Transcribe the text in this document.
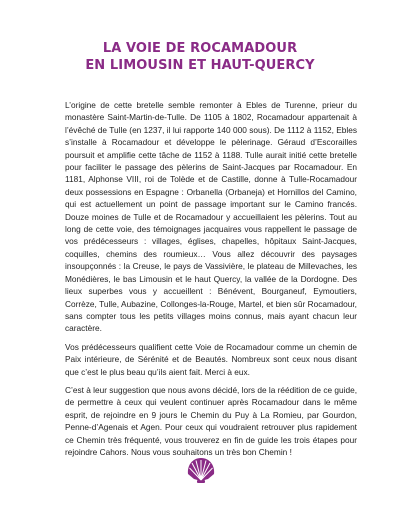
LA VOIE DE ROCAMADOUR
EN LIMOUSIN ET HAUT-QUERCY

L’origine de cette bretelle semble remonter à Ebles de Turenne, prieur du monastère Saint-Martin-de-Tulle. De 1105 à 1802, Rocamadour appartenait à l’évêché de Tulle (en 1237, il lui rapporte 140 000 sous). De 1112 à 1152, Ebles s’installe à Rocamadour et développe le pèlerinage. Géraud d’Escorailles poursuit et amplifie cette tâche de 1152 à 1188. Tulle aurait initié cette bretelle pour faciliter le passage des pèlerins de Saint-Jacques par Rocamadour. En 1181, Alphonse VIII, roi de Tolède et de Castille, donne à Tulle-Rocamadour deux possessions en Espagne : Orbanella (Orbaneja) et Hornillos del Camino, qui est actuellement un point de passage important sur le Camino francés. Douze moines de Tulle et de Rocamadour y accueillaient les pèlerins. Tout au long de cette voie, des témoignages jacquaires vous rappellent le passage de vos prédécesseurs : villages, églises, chapelles, hôpitaux Saint-Jacques, coquilles, chemins des roumieux… Vous allez découvrir des paysages insoupçonnés : la Creuse, le pays de Vassivière, le plateau de Millevaches, les Monédières, le bas Limousin et le haut Quercy, la vallée de la Dordogne. Des lieux superbes vous y accueillent : Bénévent, Bourganeuf, Eymoutiers, Corrèze, Tulle, Aubazine, Collonges-la-Rouge, Martel, et bien sûr Rocamadour, sans compter tous les petits villages moins connus, mais ayant chacun leur caractère.

Vos prédécesseurs qualifient cette Voie de Rocamadour comme un chemin de Paix intérieure, de Sérénité et de Beautés. Nombreux sont ceux nous disant que c’est le plus beau qu’ils aient fait. Merci à eux.

C’est à leur suggestion que nous avons décidé, lors de la réédition de ce guide, de permettre à ceux qui veulent continuer après Rocamadour dans le même esprit, de rejoindre en 9 jours le Chemin du Puy à La Romieu, par Gourdon, Penne-d’Agenais et Agen. Pour ceux qui voudraient retrouver plus rapidement ce Chemin très fréquenté, vous trouverez en fin de guide les trois étapes pour rejoindre Cahors. Nous vous souhaitons un très bon Chemin !
